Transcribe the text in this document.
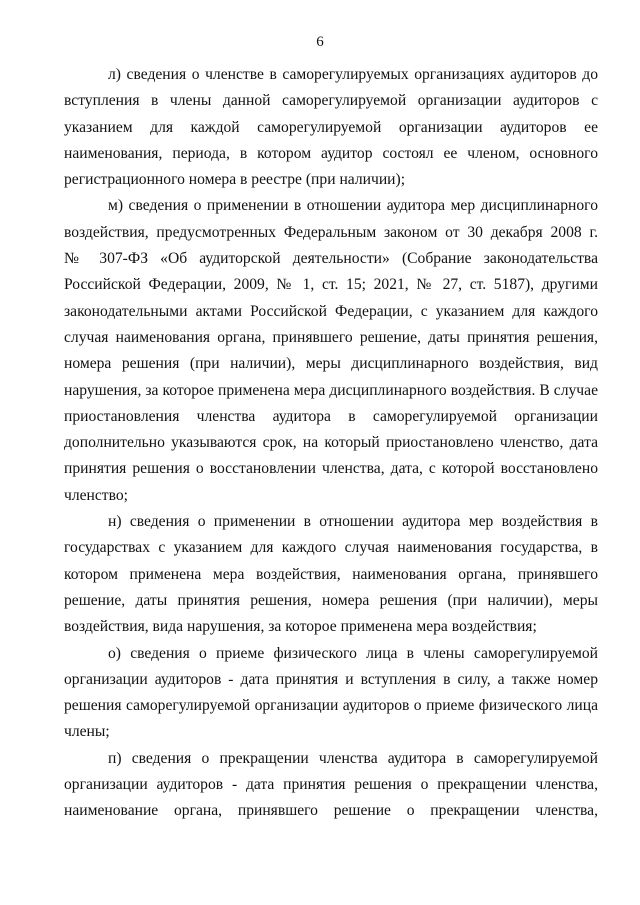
6
л) сведения о членстве в саморегулируемых организациях аудиторов до
вступления в члены данной саморегулируемой организации аудиторов с
указанием для каждой саморегулируемой организации аудиторов ее
наименования, периода, в котором аудитор состоял ее членом, основного
регистрационного номера в реестре (при наличии);
м) сведения о применении в отношении аудитора мер дисциплинарного
воздействия, предусмотренных Федеральным законом от 30 декабря 2008 г.
№ 307-ФЗ «Об аудиторской деятельности» (Собрание законодательства
Российской Федерации, 2009, № 1, ст. 15; 2021, № 27, ст. 5187), другими
законодательными актами Российской Федерации, с указанием для каждого
случая наименования органа, принявшего решение, даты принятия решения,
номера решения (при наличии), меры дисциплинарного воздействия, вид
нарушения, за которое применена мера дисциплинарного воздействия. В случае
приостановления членства аудитора в саморегулируемой организации
дополнительно указываются срок, на который приостановлено членство, дата
принятия решения о восстановлении членства, дата, с которой восстановлено
членство;
н) сведения о применении в отношении аудитора мер воздействия в
государствах с указанием для каждого случая наименования государства, в
котором применена мера воздействия, наименования органа, принявшего
решение, даты принятия решения, номера решения (при наличии), меры
воздействия, вида нарушения, за которое применена мера воздействия;
о) сведения о приеме физического лица в члены саморегулируемой
организации аудиторов - дата принятия и вступления в силу, а также номер
решения саморегулируемой организации аудиторов о приеме физического лица
члены;
п) сведения о прекращении членства аудитора в саморегулируемой
организации аудиторов - дата принятия решения о прекращении членства,
наименование органа, принявшего решение о прекращении членства,
